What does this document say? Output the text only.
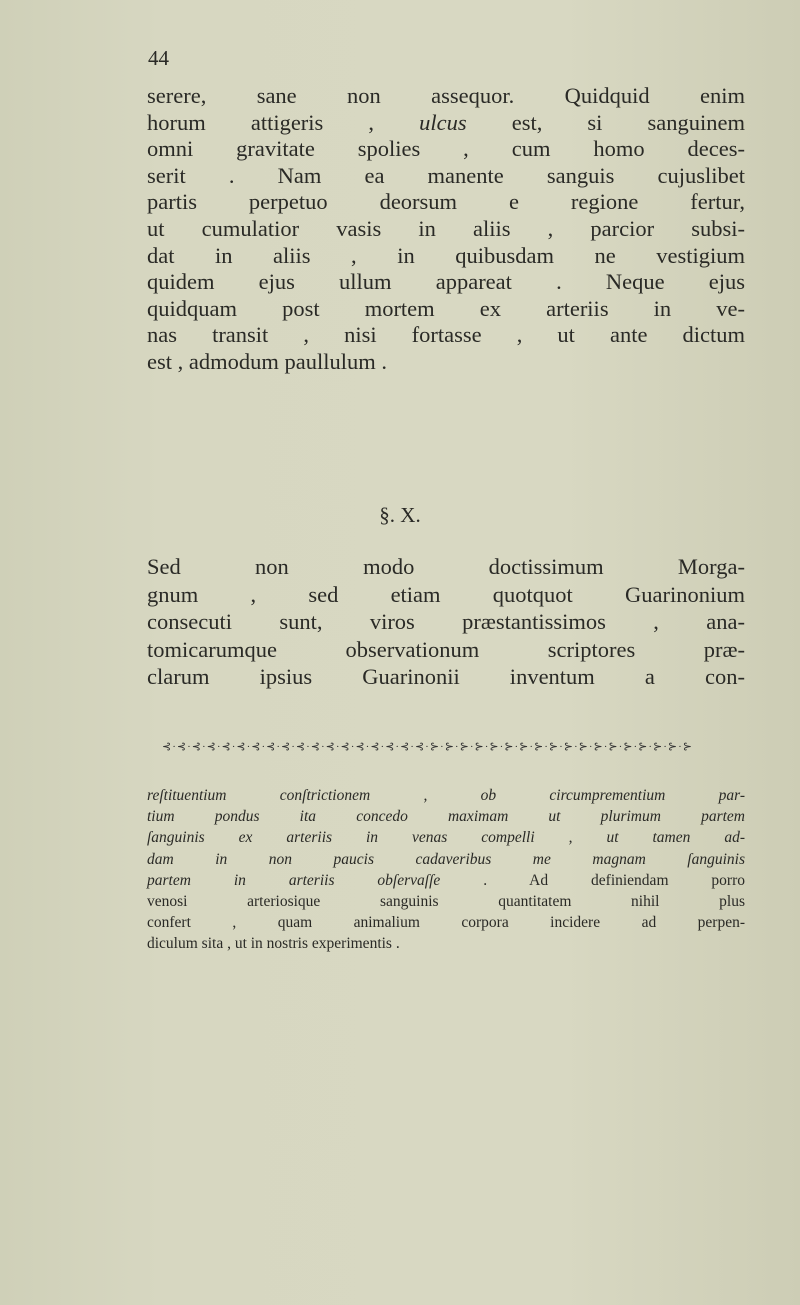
44
serere, sane non assequor. Quidquid enim
horum attigeris , ulcus est, si sanguinem
omni gravitate spolies , cum homo deces-
serit . Nam ea manente sanguis cujuslibet
partis perpetuo deorsum e regione fertur,
ut cumulatior vasis in aliis , parcior subsi-
dat in aliis , in quibusdam ne vestigium
quidem ejus ullum appareat . Neque ejus
quidquam post mortem ex arteriis in ve-
nas transit , nisi fortasse , ut ante dictum
est , admodum paullulum .
§. X.
Sed non modo doctissimum Morga-
gnum , sed etiam quotquot Guarinonium
consecuti sunt, viros præstantissimos , ana-
tomicarumque observationum scriptores præ-
clarum ipsius Guarinonii inventum a con-
⊰·⊰·⊰·⊰·⊰·⊰·⊰·⊰·⊰·⊰·⊰·⊰·⊰·⊰·⊰·⊰·⊰·⊰·⊱·⊱·⊱·⊱·⊱·⊱·⊱·⊱·⊱·⊱·⊱·⊱·⊱·⊱·⊱·⊱·⊱·⊱
reſtituentium conſtrictionem , ob circumprementium par-
tium pondus ita concedo maximam ut plurimum partem
ſanguinis ex arteriis in venas compelli , ut tamen ad-
dam in non paucis cadaveribus me magnam ſanguinis
partem in arteriis obſervaſſe . Ad definiendam porro
venosi arteriosique sanguinis quantitatem nihil plus
confert , quam animalium corpora incidere ad perpen-
diculum sita , ut in nostris experimentis .
